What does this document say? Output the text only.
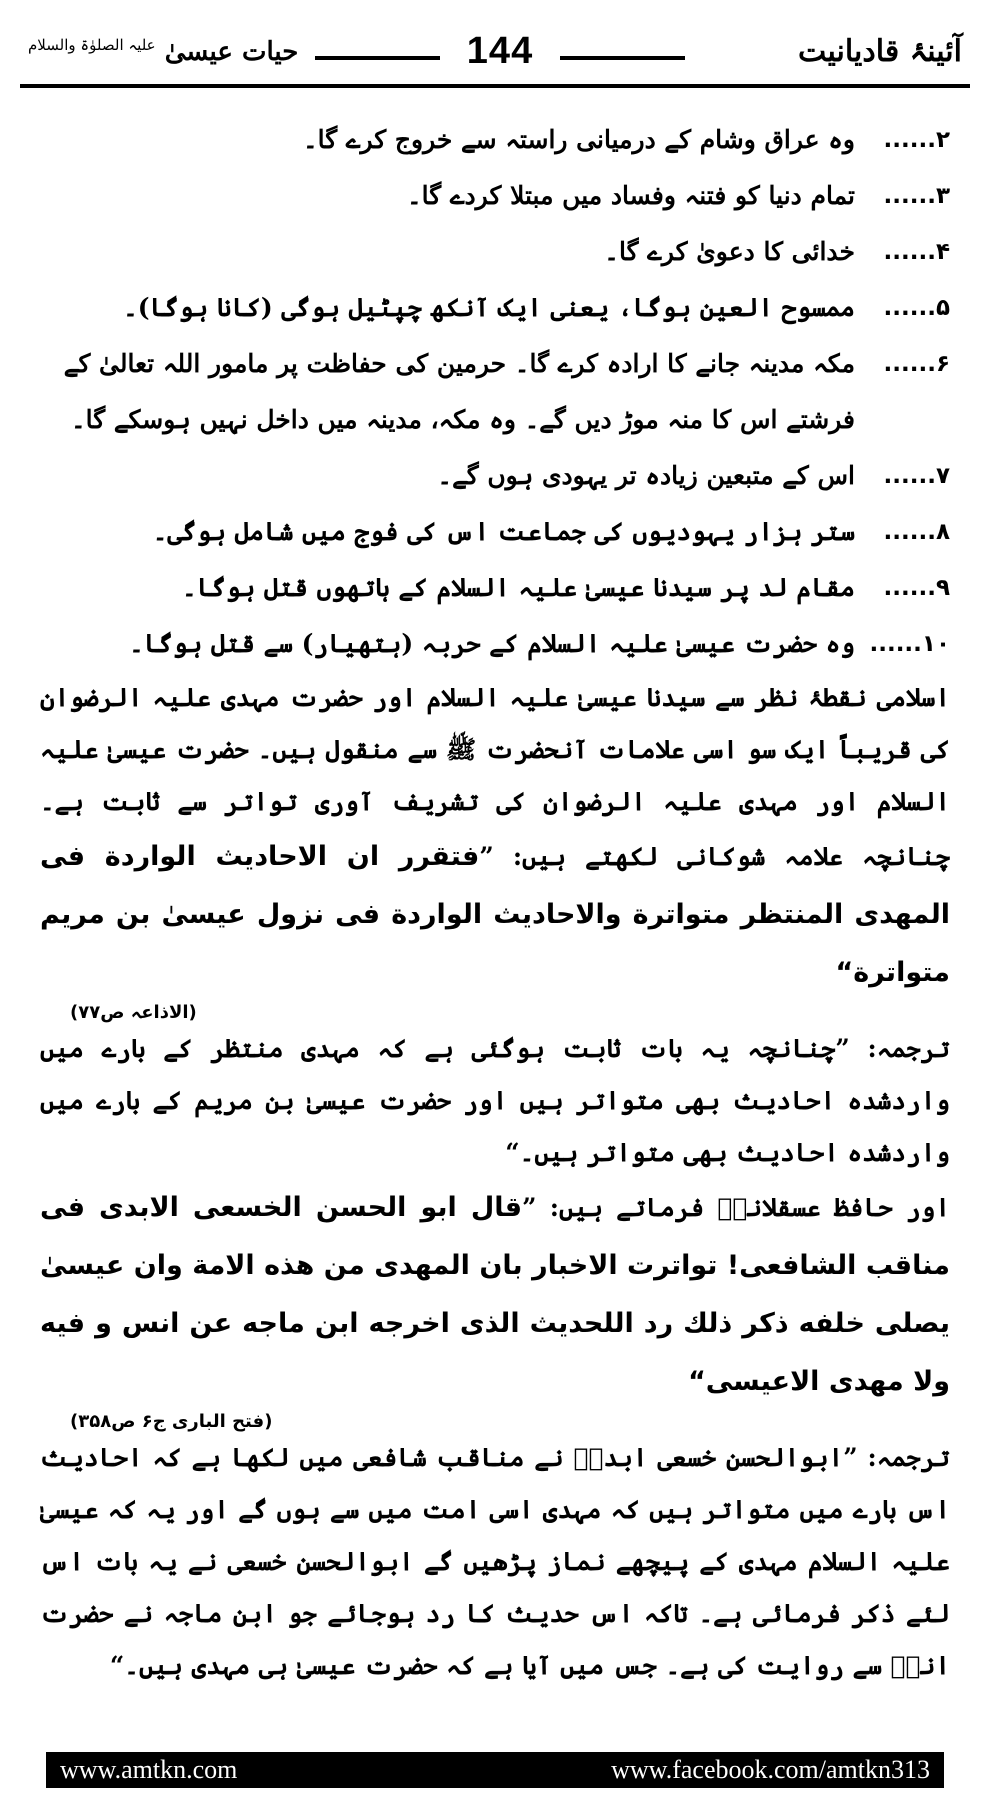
آئینۂ قادیانیت
144
حیات عیسیٰ $^{علیہ الصلوٰۃ والسلام}$
۲......
وہ عراق وشام کے درمیانی راستہ سے خروج کرے گا۔
۳......
تمام دنیا کو فتنہ وفساد میں مبتلا کردے گا۔
۴......
خدائی کا دعویٰ کرے گا۔
۵......
ممسوح العین ہوگا، یعنی ایک آنکھ چپٹیل ہوگی (کانا ہوگا)۔
۶......
مکہ مدینہ جانے کا ارادہ کرے گا۔ حرمین کی حفاظت پر مامور اللہ تعالیٰ کے فرشتے اس کا منہ موڑ دیں گے۔ وہ مکہ، مدینہ میں داخل نہیں ہوسکے گا۔
۷......
اس کے متبعین زیادہ تر یہودی ہوں گے۔
۸......
ستر ہزار یہودیوں کی جماعت اس کی فوج میں شامل ہوگی۔
۹......
مقام لد پر سیدنا عیسیٰ علیہ السلام کے ہاتھوں قتل ہوگا۔
۱۰......
وہ حضرت عیسیٰ علیہ السلام کے حربہ (ہتھیار) سے قتل ہوگا۔

اسلامی نقطۂ نظر سے سیدنا عیسیٰ علیہ السلام اور حضرت مہدی علیہ الرضوان کی قریباً ایک سو اسی علامات آنحضرت ﷺ سے منقول ہیں۔ حضرت عیسیٰ علیہ السلام اور مہدی علیہ الرضوان کی تشریف آوری تواتر سے ثابت ہے۔ چنانچہ علامہ شوکانی لکھتے ہیں: ”فتقرر ان الاحادیث الواردة فی المهدی المنتظر متواترة والاحادیث الواردة فی نزول عیسیٰ بن مریم متواترة“

(الاذاعہ ص۷۷)

ترجمہ: ”چنانچہ یہ بات ثابت ہوگئی ہے کہ مہدی منتظر کے بارے میں واردشدہ احادیث بھی متواتر ہیں اور حضرت عیسیٰ بن مریم کے بارے میں واردشدہ احادیث بھی متواتر ہیں۔“

اور حافظ عسقلانیؒ فرماتے ہیں: ”قال ابو الحسن الخسعی الابدی فی مناقب الشافعی! تواترت الاخبار بان المهدی من هذه الامة وان عیسیٰ یصلی خلفه ذکر ذلك رد اللحدیث الذی اخرجه ابن ماجه عن انس و فیه ولا مهدی الاعیسی“

(فتح الباری ج۶ ص۳۵۸)

ترجمہ: ”ابوالحسن خسعی ابدیؒ نے مناقب شافعی میں لکھا ہے کہ احادیث اس بارے میں متواتر ہیں کہ مہدی اسی امت میں سے ہوں گے اور یہ کہ عیسیٰ علیہ السلام مہدی کے پیچھے نماز پڑھیں گے ابوالحسن خسعی نے یہ بات اس لئے ذکر فرمائی ہے۔ تاکہ اس حدیث کا رد ہوجائے جو ابن ماجہ نے حضرت انسؓ سے روایت کی ہے۔ جس میں آیا ہے کہ حضرت عیسیٰ ہی مہدی ہیں۔“

www.amtkn.com	www.facebook.com/amtkn313
